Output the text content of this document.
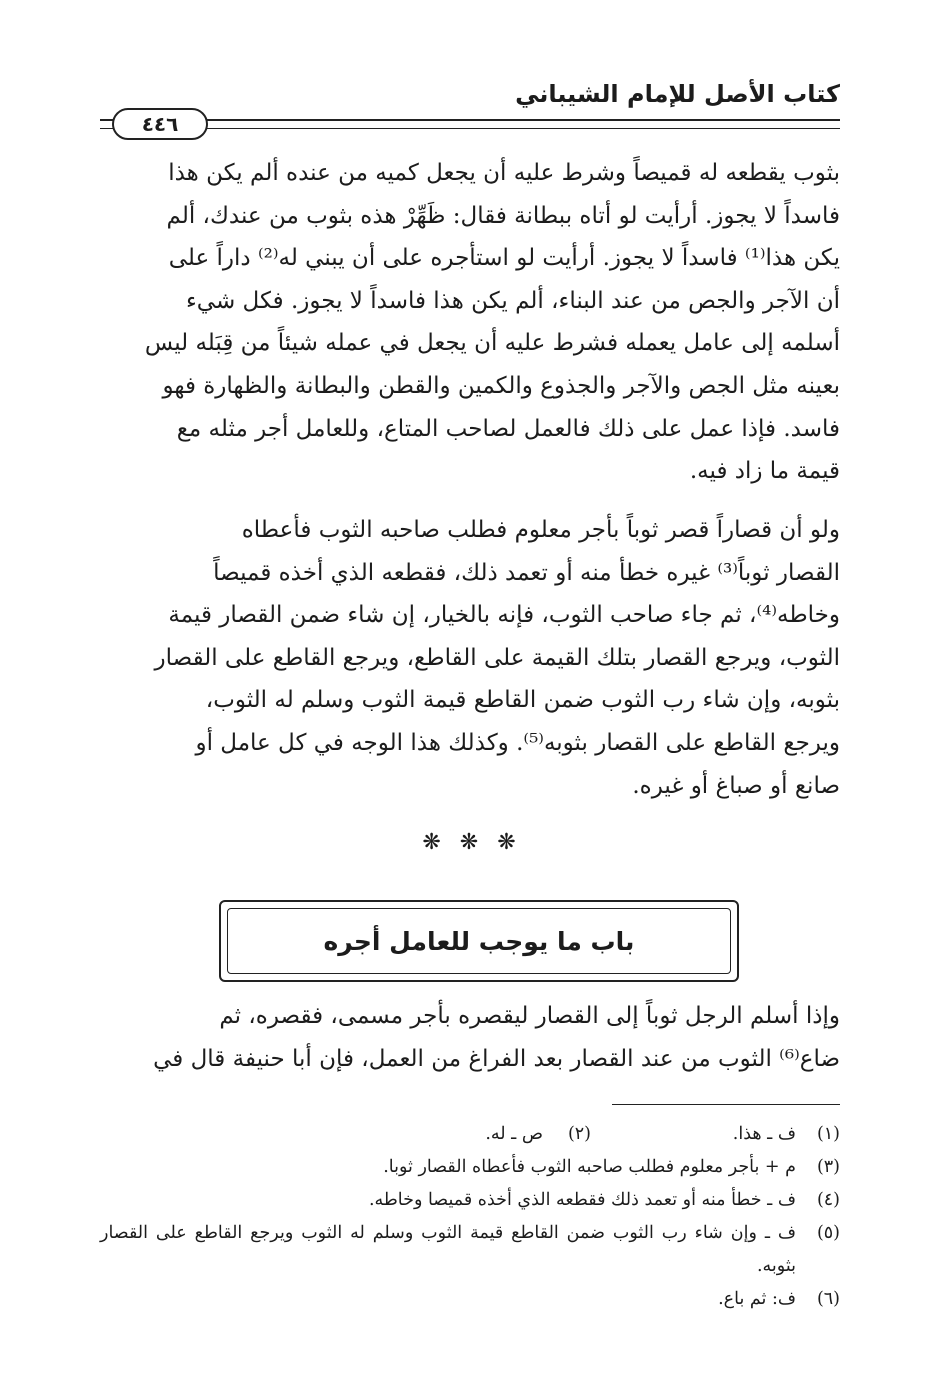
كتاب الأصل للإمام الشيباني
٤٤٦

بثوب يقطعه له قميصاً وشرط عليه أن يجعل كميه من عنده ألم يكن هذا
فاسداً لا يجوز. أرأيت لو أتاه ببطانة فقال: ظَهِّرْ هذه بثوب من عندك، ألم
يكن هذا⁽¹⁾ فاسداً لا يجوز. أرأيت لو استأجره على أن يبني له⁽²⁾ داراً على
أن الآجر والجص من عند البناء، ألم يكن هذا فاسداً لا يجوز. فكل شيء
أسلمه إلى عامل يعمله فشرط عليه أن يجعل في عمله شيئاً من قِبَله ليس
بعينه مثل الجص والآجر والجذوع والكمين والقطن والبطانة والظهارة فهو
فاسد. فإذا عمل على ذلك فالعمل لصاحب المتاع، وللعامل أجر مثله مع
قيمة ما زاد فيه.

ولو أن قصاراً قصر ثوباً بأجر معلوم فطلب صاحبه الثوب فأعطاه
القصار ثوباً⁽³⁾ غيره خطأ منه أو تعمد ذلك، فقطعه الذي أخذه قميصاً
وخاطه⁽⁴⁾، ثم جاء صاحب الثوب، فإنه بالخيار، إن شاء ضمن القصار قيمة
الثوب، ويرجع القصار بتلك القيمة على القاطع، ويرجع القاطع على القصار
بثوبه، وإن شاء رب الثوب ضمن القاطع قيمة الثوب وسلم له الثوب،
ويرجع القاطع على القصار بثوبه⁽⁵⁾. وكذلك هذا الوجه في كل عامل أو
صانع أو صباغ أو غيره.

❋ ❋ ❋
باب ما يوجب للعامل أجره

وإذا أسلم الرجل ثوباً إلى القصار ليقصره بأجر مسمى، فقصره، ثم
ضاع⁽⁶⁾ الثوب من عند القصار بعد الفراغ من العمل، فإن أبا حنيفة قال في

(١)
ف ـ هذا.
(٢)
ص ـ له.
(٣)
م + بأجر معلوم فطلب صاحبه الثوب فأعطاه القصار ثوبا.
(٤)
ف ـ خطأ منه أو تعمد ذلك فقطعه الذي أخذه قميصا وخاطه.
(٥)
ف ـ وإن شاء رب الثوب ضمن القاطع قيمة الثوب وسلم له الثوب ويرجع القاطع على القصار بثوبه.
(٦)
ف: ثم باع.
